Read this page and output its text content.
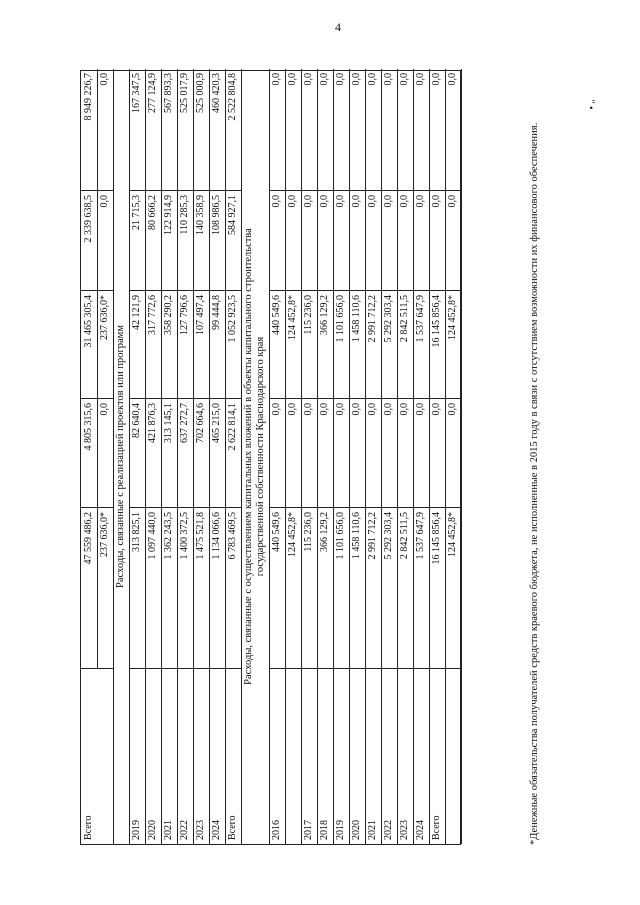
4
" •
Всего
47 559 486,2
4 805 315,6
31 465 305,4
2 339 638,5
8 949 226,7
237 636,0*
0,0
237 636,0*
0,0
0,0
Расходы, связанные с реализацией проектов или программ
2019
313 825,1
82 640,4
42 121,9
21 715,3
167 347,5
2020
1 097 440,0
421 876,3
317 772,6
80 666,2
277 124,9
2021
1 362 243,5
313 145,1
358 290,2
122 914,9
567 893,3
2022
1 400 372,5
637 272,7
127 796,6
110 285,3
525 017,9
2023
1 475 521,8
702 664,6
107 497,4
140 358,9
525 000,9
2024
1 134 066,6
465 215,0
99 444,8
108 986,5
460 420,3
Всего
6 783 469,5
2 622 814,1
1 052 923,5
584 927,1
2 522 804,8
Расходы, связанные с осуществлением капитальных вложений в объекты капитального строительства государственной собственности Краснодарского края
2016
440 549,6
0,0
440 549,6
0,0
0,0
124 452,8*
0,0
124 452,8*
0,0
0,0
2017
115 236,0
0,0
115 236,0
0,0
0,0
2018
366 129,2
0,0
366 129,2
0,0
0,0
2019
1 101 656,0
0,0
1 101 656,0
0,0
0,0
2020
1 458 110,6
0,0
1 458 110,6
0,0
0,0
2021
2 991 712,2
0,0
2 991 712,2
0,0
0,0
2022
5 292 303,4
0,0
5 292 303,4
0,0
0,0
2023
2 842 511,5
0,0
2 842 511,5
0,0
0,0
2024
1 537 647,9
0,0
1 537 647,9
0,0
0,0
Всего
16 145 856,4
0,0
16 145 856,4
0,0
0,0
124 452,8*
0,0
124 452,8*
0,0
0,0
*Денежные обязательства получателей средств краевого бюджета, не исполненные в 2015 году в связи с отсутствием возможности их финансового обеспечения.
